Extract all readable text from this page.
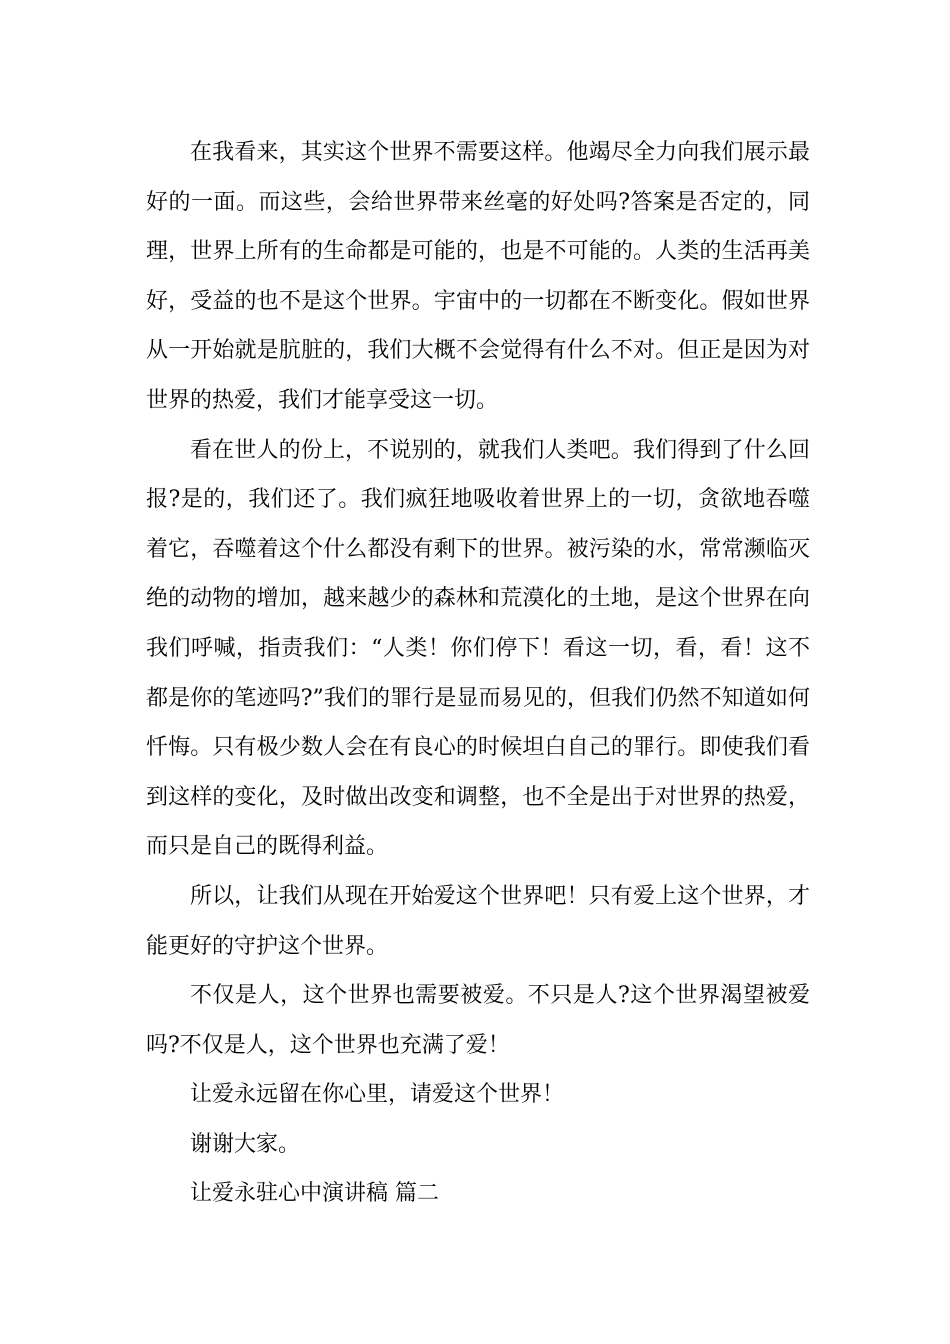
在我看来，其实这个世界不需要这样。他竭尽全力向我们展示最好的一面。而这些，会给世界带来丝毫的好处吗?答案是否定的，同理，世界上所有的生命都是可能的，也是不可能的。人类的生活再美好，受益的也不是这个世界。宇宙中的一切都在不断变化。假如世界从一开始就是肮脏的，我们大概不会觉得有什么不对。但正是因为对世界的热爱，我们才能享受这一切。

看在世人的份上，不说别的，就我们人类吧。我们得到了什么回报?是的，我们还了。我们疯狂地吸收着世界上的一切，贪欲地吞噬着它，吞噬着这个什么都没有剩下的世界。被污染的水，常常濒临灭绝的动物的增加，越来越少的森林和荒漠化的土地，是这个世界在向我们呼喊，指责我们：“人类！你们停下！看这一切，看，看！这不都是你的笔迹吗?”我们的罪行是显而易见的，但我们仍然不知道如何忏悔。只有极少数人会在有良心的时候坦白自己的罪行。即使我们看到这样的变化，及时做出改变和调整，也不全是出于对世界的热爱，而只是自己的既得利益。

所以，让我们从现在开始爱这个世界吧！只有爱上这个世界，才能更好的守护这个世界。

不仅是人，这个世界也需要被爱。不只是人?这个世界渴望被爱吗?不仅是人，这个世界也充满了爱！

让爱永远留在你心里，请爱这个世界！

谢谢大家。

让爱永驻心中演讲稿 篇二
